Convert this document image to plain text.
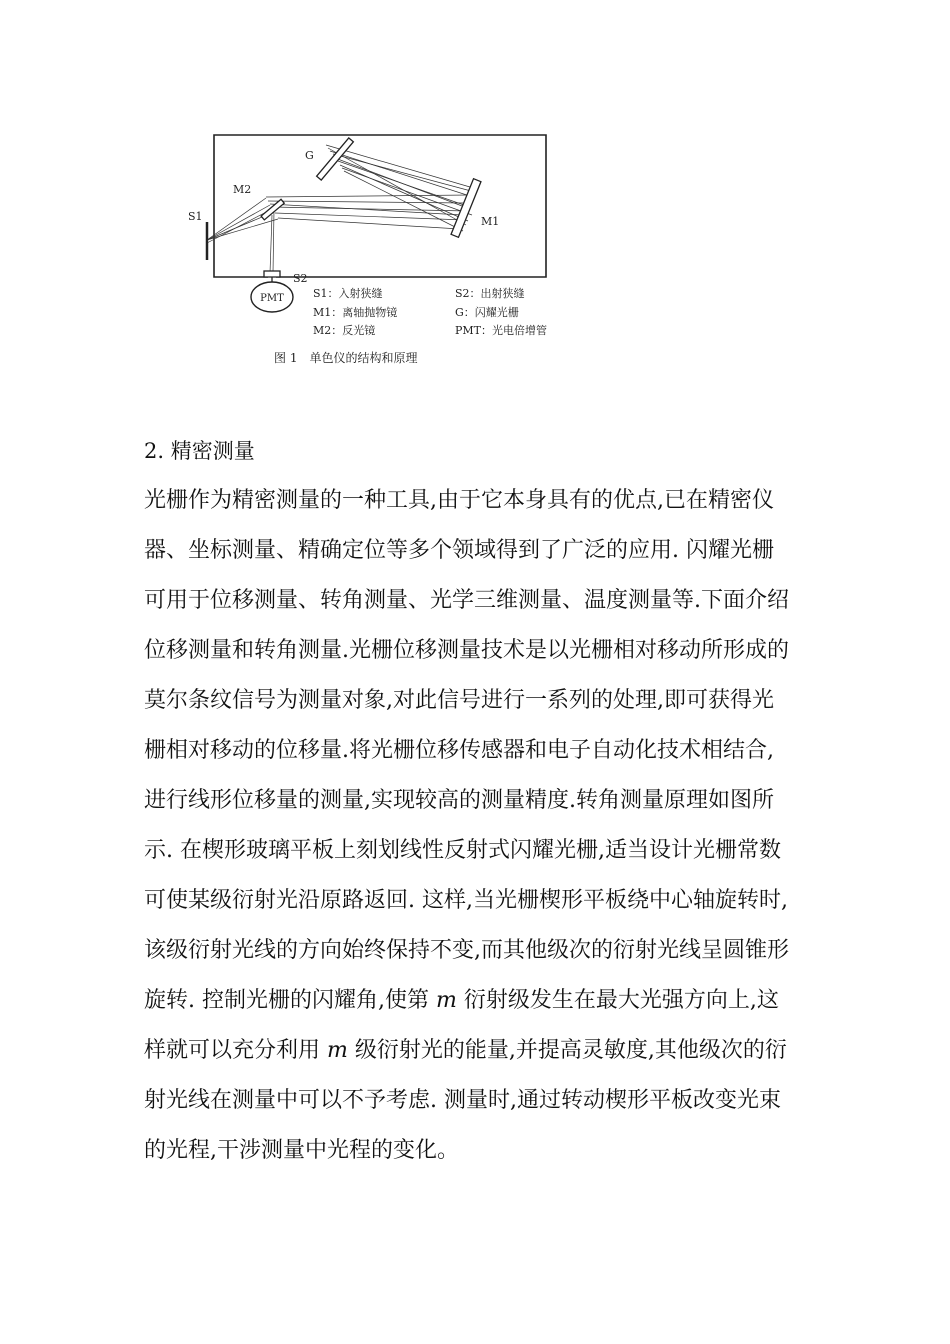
G
M2
S1	M1
S2
PMT	S1：入射狭缝	S2：出射狭缝
M1：离轴抛物镜	G：闪耀光栅
M2：反光镜	PMT：光电倍增管
图 1　单色仪的结构和原理
2. 精密测量
光栅作为精密测量的一种工具,由于它本身具有的优点,已在精密仪
器、坐标测量、精确定位等多个领域得到了广泛的应用. 闪耀光栅
可用于位移测量、转角测量、光学三维测量、温度测量等.下面介绍
位移测量和转角测量.光栅位移测量技术是以光栅相对移动所形成的
莫尔条纹信号为测量对象,对此信号进行一系列的处理,即可获得光
栅相对移动的位移量.将光栅位移传感器和电子自动化技术相结合,
进行线形位移量的测量,实现较高的测量精度.转角测量原理如图所
示. 在楔形玻璃平板上刻划线性反射式闪耀光栅,适当设计光栅常数
可使某级衍射光沿原路返回. 这样,当光栅楔形平板绕中心轴旋转时,
该级衍射光线的方向始终保持不变,而其他级次的衍射光线呈圆锥形
旋转. 控制光栅的闪耀角,使第 m 衍射级发生在最大光强方向上,这
样就可以充分利用 m 级衍射光的能量,并提高灵敏度,其他级次的衍
射光线在测量中可以不予考虑. 测量时,通过转动楔形平板改变光束
的光程,干涉测量中光程的变化。
